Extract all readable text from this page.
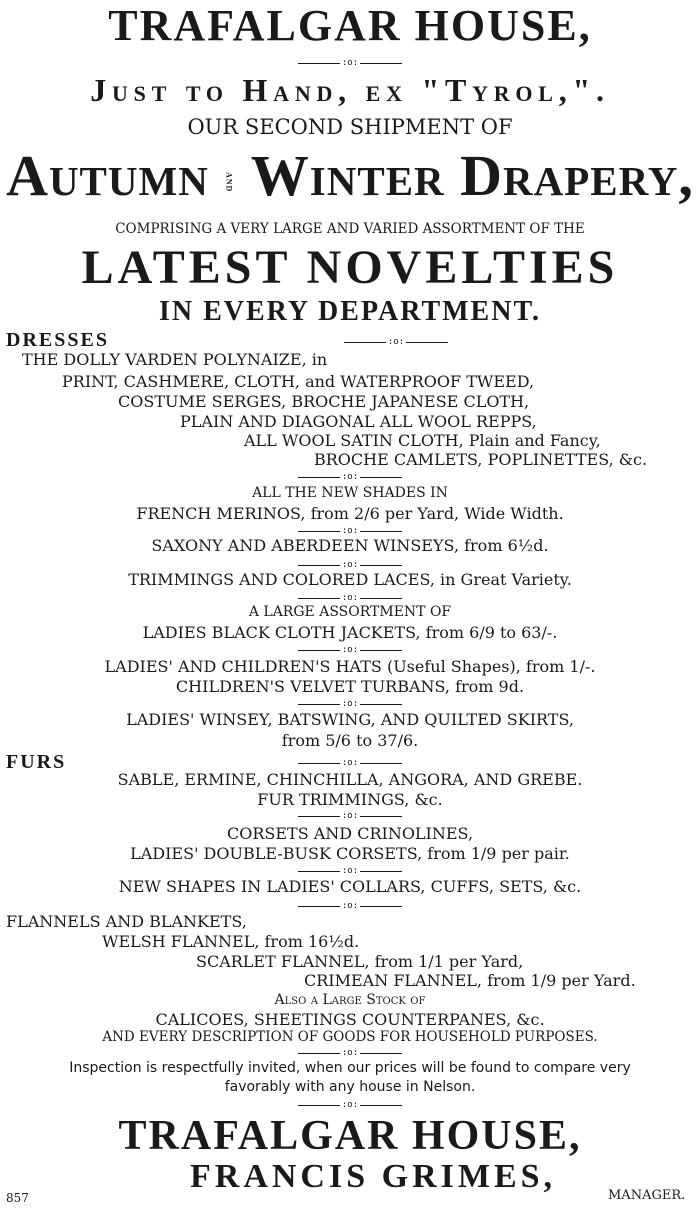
TRAFALGAR HOUSE,
:o:
Just to Hand, ex "Tyrol,".
OUR SECOND SHIPMENT OF
Autumn and Winter Drapery,
COMPRISING A VERY LARGE AND VARIED ASSORTMENT OF THE
LATEST NOVELTIES
IN EVERY DEPARTMENT.
DRESSES	:o:
THE DOLLY VARDEN POLYNAIZE, in
PRINT, CASHMERE, CLOTH, and WATERPROOF TWEED,
COSTUME SERGES, BROCHE JAPANESE CLOTH,
PLAIN AND DIAGONAL ALL WOOL REPPS,
ALL WOOL SATIN CLOTH, Plain and Fancy,
BROCHE CAMLETS, POPLINETTES, &c.
:o:
ALL THE NEW SHADES IN
FRENCH MERINOS, from 2/6 per Yard, Wide Width.
:o:
SAXONY AND ABERDEEN WINSEYS, from 6½d.
:o:
TRIMMINGS AND COLORED LACES, in Great Variety.
:o:
A LARGE ASSORTMENT OF
LADIES BLACK CLOTH JACKETS, from 6/9 to 63/-.
:o:
LADIES' AND CHILDREN'S HATS (Useful Shapes), from 1/-.
CHILDREN'S VELVET TURBANS, from 9d.
:o:
LADIES' WINSEY, BATSWING, AND QUILTED SKIRTS,
from 5/6 to 37/6.
FURS	:o:
SABLE, ERMINE, CHINCHILLA, ANGORA, AND GREBE.
FUR TRIMMINGS, &c.
:o:
CORSETS AND CRINOLINES,
LADIES' DOUBLE-BUSK CORSETS, from 1/9 per pair.
:o:
NEW SHAPES IN LADIES' COLLARS, CUFFS, SETS, &c.
:o:
FLANNELS AND BLANKETS,
WELSH FLANNEL, from 16½d.
SCARLET FLANNEL, from 1/1 per Yard,
CRIMEAN FLANNEL, from 1/9 per Yard.
Also a Large Stock of
CALICOES, SHEETINGS COUNTERPANES, &c.
AND EVERY DESCRIPTION OF GOODS FOR HOUSEHOLD PURPOSES.
:o:
Inspection is respectfully invited, when our prices will be found to compare very
favorably with any house in Nelson.
:o:
TRAFALGAR HOUSE,
FRANCIS GRIMES,
857	MANAGER.
